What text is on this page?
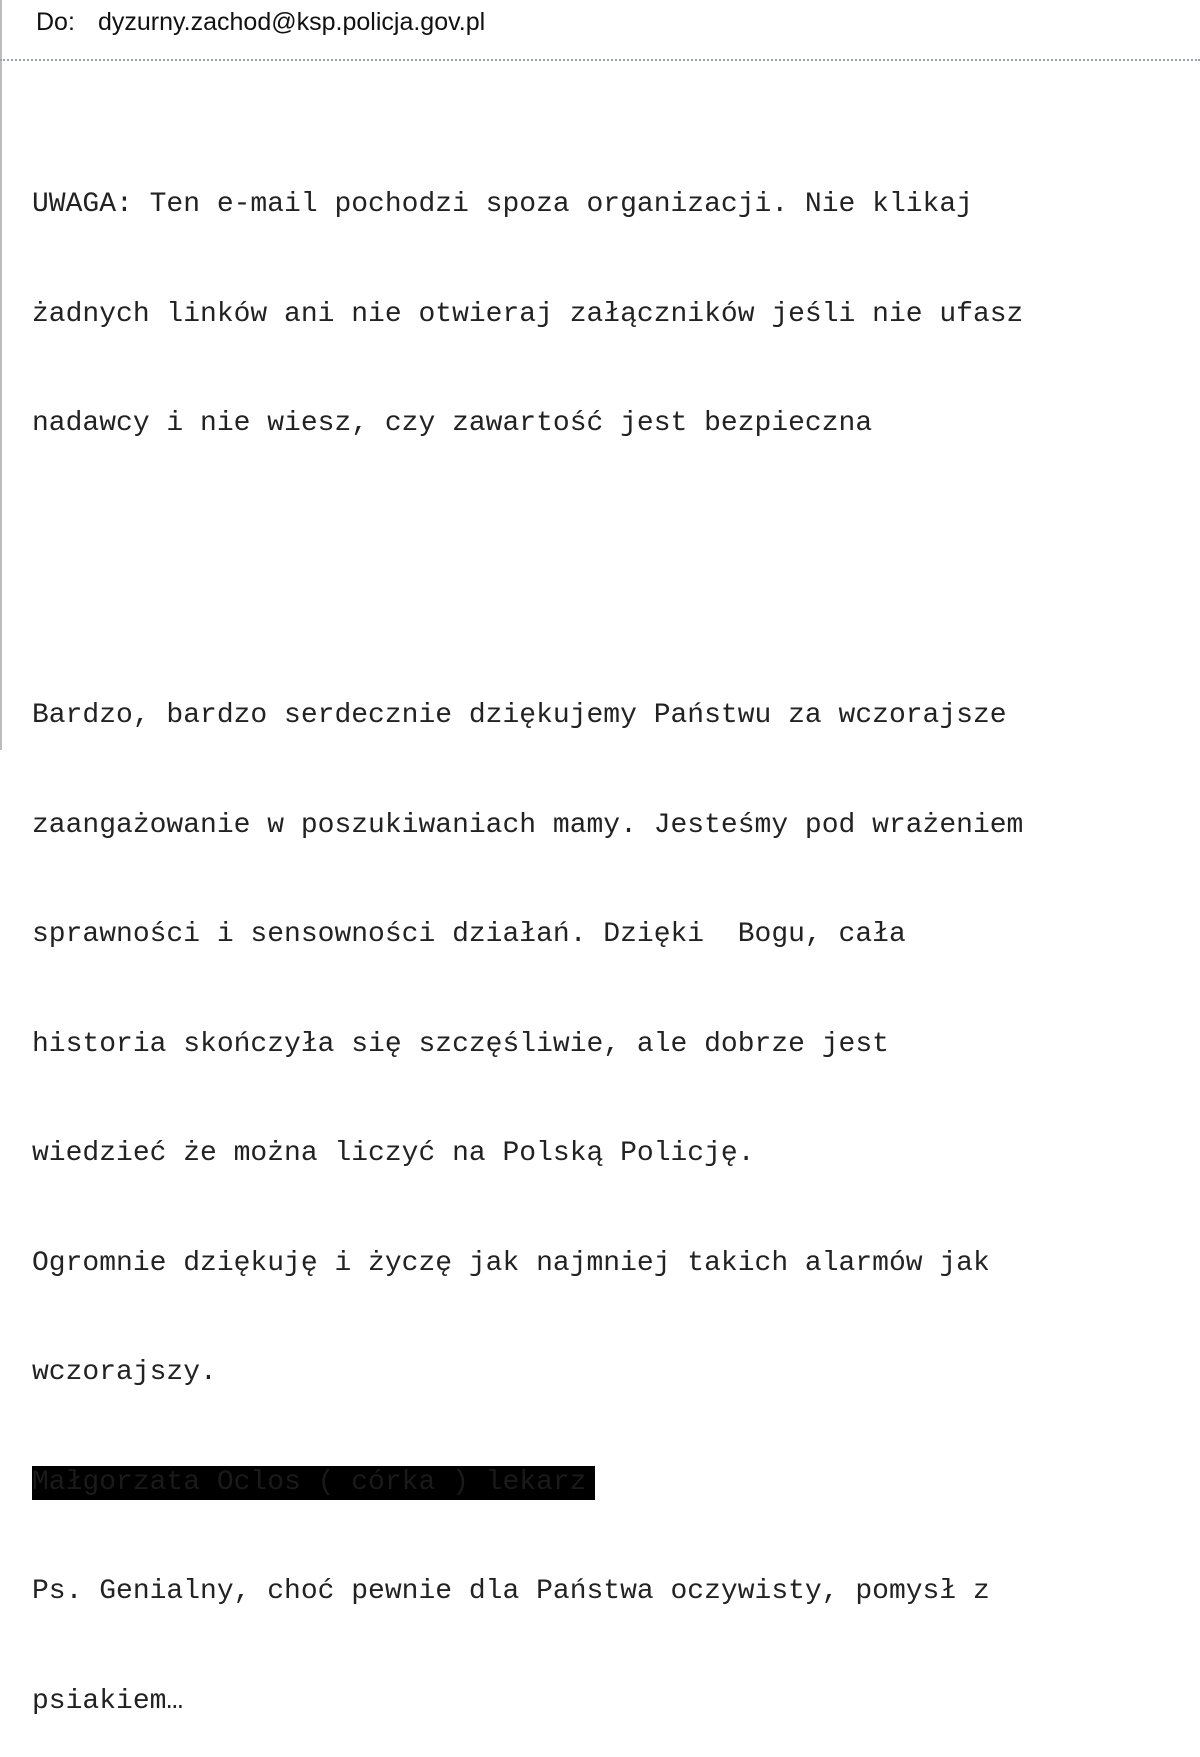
Do: dyzurny.zachod@ksp.policja.gov.pl

UWAGA: Ten e-mail pochodzi spoza organizacji. Nie klikaj

żadnych linków ani nie otwieraj załączników jeśli nie ufasz

nadawcy i nie wiesz, czy zawartość jest bezpieczna

Bardzo, bardzo serdecznie dziękujemy Państwu za wczorajsze

zaangażowanie w poszukiwaniach mamy. Jesteśmy pod wrażeniem

sprawności i sensowności działań. Dzięki  Bogu, cała

historia skończyła się szczęśliwie, ale dobrze jest

wiedzieć że można liczyć na Polską Policję.

Ogromnie dziękuję i życzę jak najmniej takich alarmów jak

wczorajszy.

Małgorzata Oclos ( córka ) lekarz

Ps. Genialny, choć pewnie dla Państwa oczywisty, pomysł z

psiakiem…
